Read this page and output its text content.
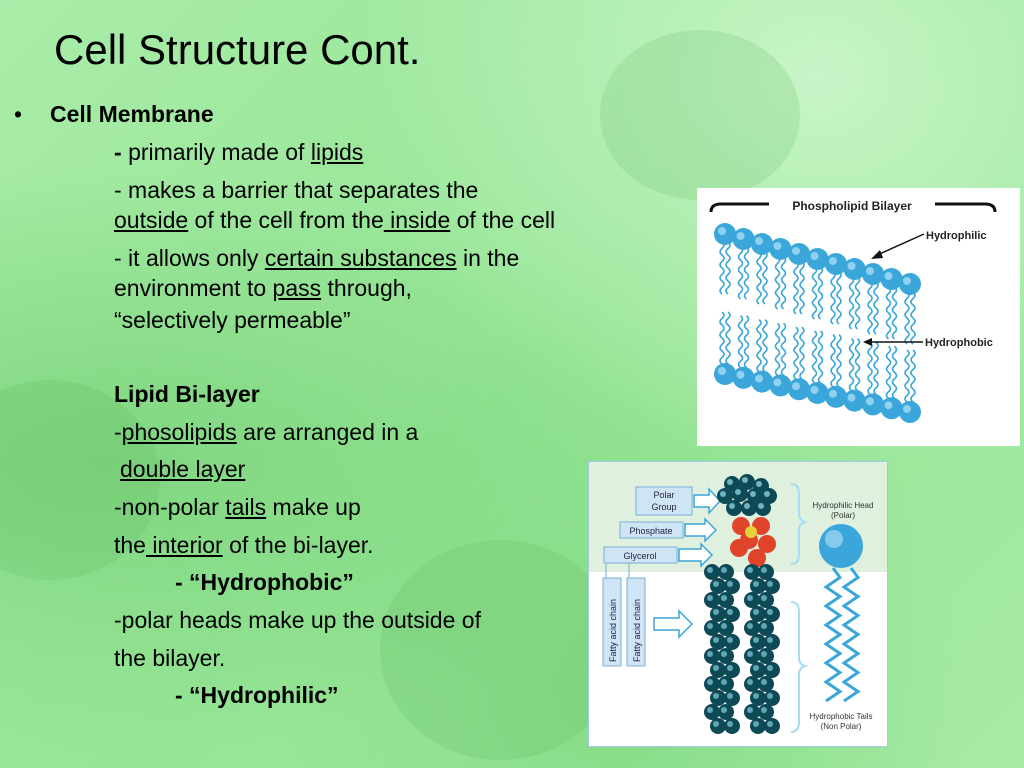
Cell Structure Cont.
• Cell Membrane
- primarily made of lipids
- makes a barrier that separates the
outside of the cell from the inside of the cell
- it allows only certain substances in the
environment to pass through,
“selectively permeable”
Lipid Bi-layer
-phosolipids are arranged in a
double layer
-non-polar tails make up
the interior of the bi-layer.
- “Hydrophobic”
-polar heads make up the outside of
the bilayer.
- “Hydrophilic”
Phospholipid Bilayer
Hydrophilic
Hydrophobic
Polar
Group
Phosphate
Glycerol
Fatty acid chain Fatty acid chain
Hydrophilic Head
(Polar)
Hydrophobic Tails
(Non Polar)
